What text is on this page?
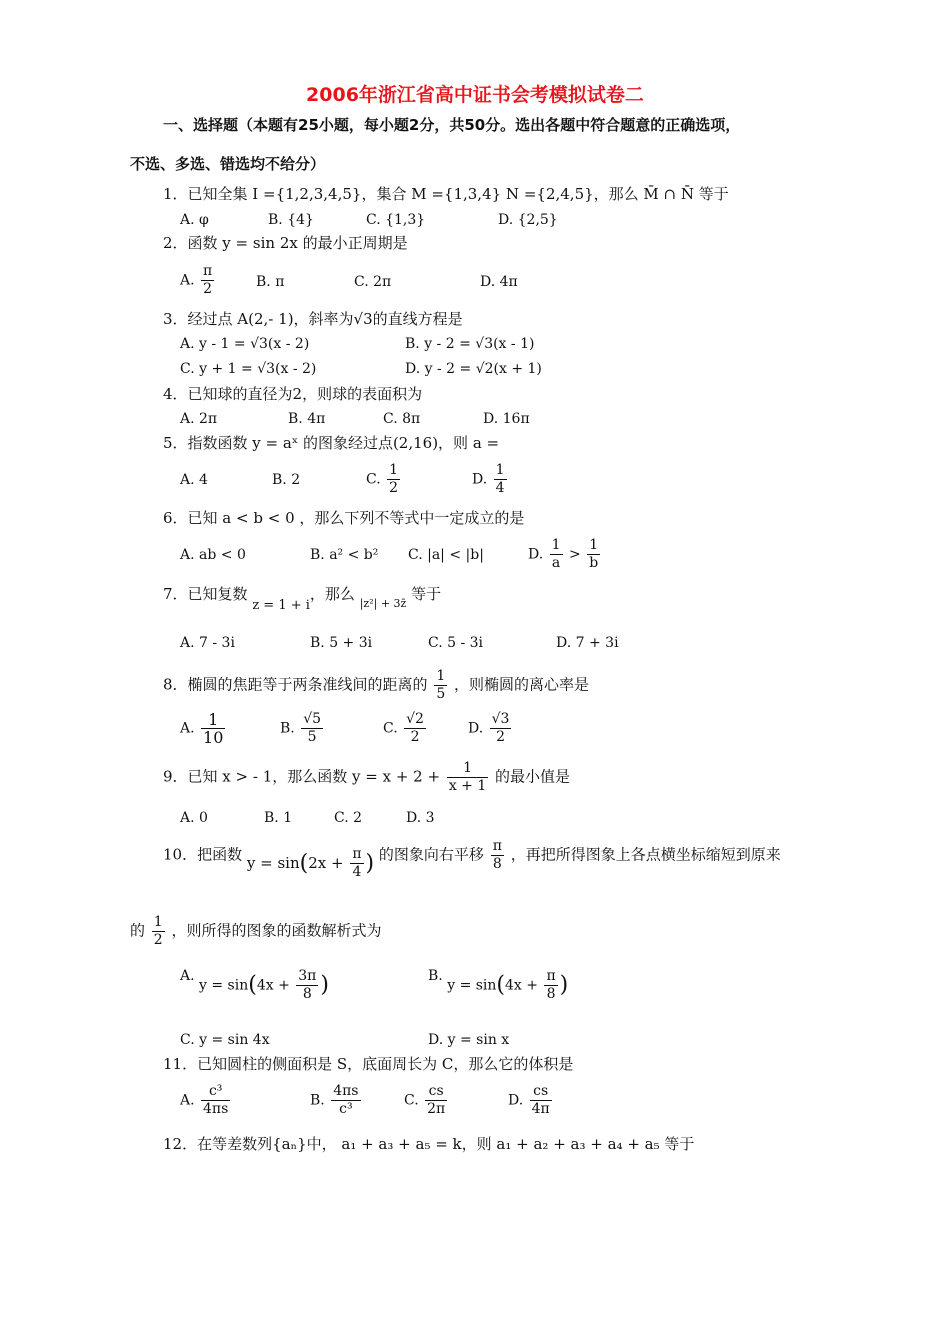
2006年浙江省高中证书会考模拟试卷二
一、选择题（本题有25小题，每小题2分，共50分。选出各题中符合题意的正确选项，
不选、多选、错选均不给分）
1．已知全集 I ={1,2,3,4,5}，集合 M ={1,3,4} N ={2,4,5}，那么 M̄ ∩ N̄ 等于
A. φ	B. {4}	C. {1,3}	D. {2,5}
2．函数 y = sin 2x 的最小正周期是
A. $\frac{\pi}{2}$	B. π	C. 2π	D. 4π
3．经过点 A(2,- 1)，斜率为√3的直线方程是
A. y - 1 = √3(x - 2)	B. y - 2 = √3(x - 1)
C. y + 1 = √3(x - 2)	D. y - 2 = √2(x + 1)
4．已知球的直径为2，则球的表面积为
A. 2π	B. 4π	C. 8π	D. 16π
5．指数函数 y = aˣ 的图象经过点(2,16)，则 a =
A. 4	B. 2	C. $\frac{1}{2}$	D. $\frac{1}{4}$
6．已知 a < b < 0 ，那么下列不等式中一定成立的是
A. ab < 0	B. a² < b² C. |a| < |b|	D. $\frac{1}{a} > \frac{1}{b}$
7．已知复数 z = 1 + i，那么 $_{|z^2| + 3z̄}$ 等于
A. 7 - 3i	B. 5 + 3i	C. 5 - 3i	D. 7 + 3i
8．椭圆的焦距等于两条准线间的距离的 $\frac{1}{5}$ ，则椭圆的离心率是
A. $\frac{1}{10}$	B. $\frac{√5}{5}$	C. $\frac{√2}{2}$	D. $\frac{√3}{2}$
9．已知 x > - 1，那么函数 $y = x + 2 + \frac{1}{x + 1}$ 的最小值是
A. 0	B. 1	C. 2	D. 3
10．把函数 $y = \sin(2x + \frac{\pi}{4}$ ) 的图象向右平移 $\frac{\pi}{8}$ ，再把所得图象上各点横坐标缩短到原来
的 $\frac{1}{2}$ ，则所得的图象的函数解析式为
A. $y = \sin(4x + \frac{3\pi}{8}$ )	B. $y = \sin(4x + \frac{\pi}{8}$ )
C. y = sin 4x	D. y = sin x
11．已知圆柱的侧面积是 S，底面周长为 C，那么它的体积是
A. $\frac{\text{c³}}{4\pi s}$	B. $\frac{4\pi s}{\text{c³}}$	C. $\frac{cs}{2\pi}$	D. $\frac{cs}{4\pi}$
12．在等差数列{aₙ}中， a₁ + a₃ + a₅ = k，则 a₁ + a₂ + a₃ + a₄ + a₅ 等于
